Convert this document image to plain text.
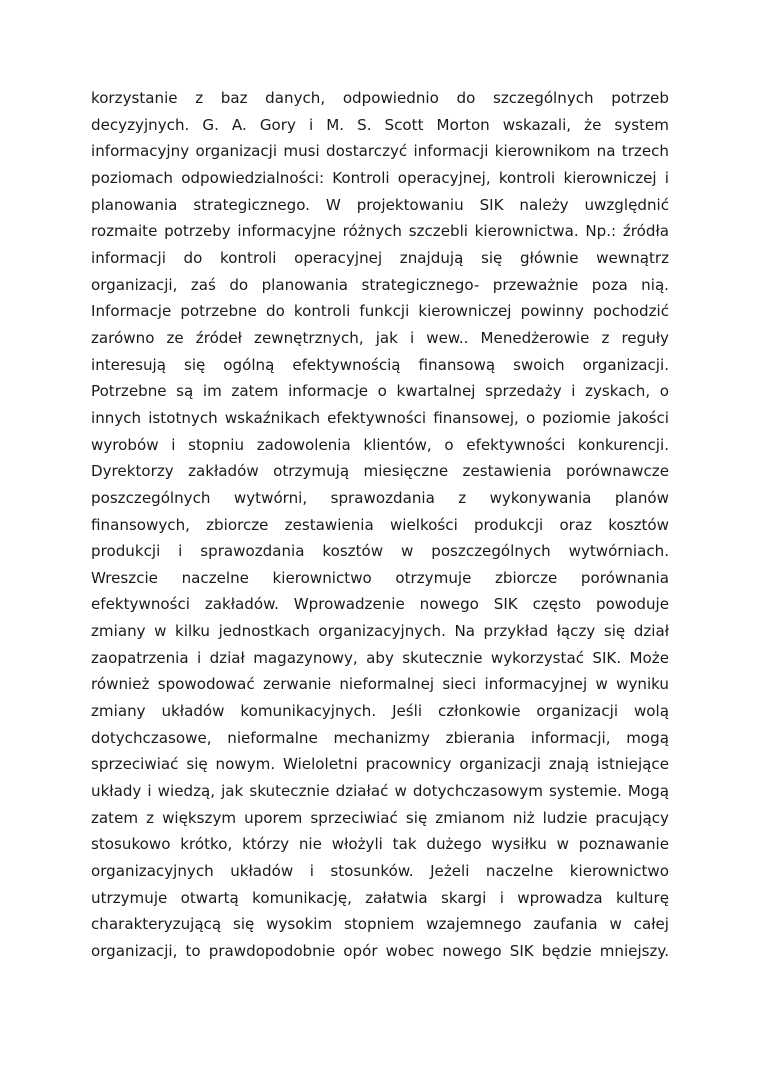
korzystanie z baz danych, odpowiednio do szczególnych potrzeb
decyzyjnych. G. A. Gory i M. S. Scott Morton wskazali, że system
informacyjny organizacji musi dostarczyć informacji kierownikom na trzech
poziomach odpowiedzialności: Kontroli operacyjnej, kontroli kierowniczej i
planowania strategicznego. W projektowaniu SIK należy uwzględnić
rozmaite potrzeby informacyjne różnych szczebli kierownictwa. Np.: źródła
informacji do kontroli operacyjnej znajdują się głównie wewnątrz
organizacji, zaś do planowania strategicznego- przeważnie poza nią.
Informacje potrzebne do kontroli funkcji kierowniczej powinny pochodzić
zarówno ze źródeł zewnętrznych, jak i wew.. Menedżerowie z reguły
interesują się ogólną efektywnością finansową swoich organizacji.
Potrzebne są im zatem informacje o kwartalnej sprzedaży i zyskach, o
innych istotnych wskaźnikach efektywności finansowej, o poziomie jakości
wyrobów i stopniu zadowolenia klientów, o efektywności konkurencji.
Dyrektorzy zakładów otrzymują miesięczne zestawienia porównawcze
poszczególnych wytwórni, sprawozdania z wykonywania planów
finansowych, zbiorcze zestawienia wielkości produkcji oraz kosztów
produkcji i sprawozdania kosztów w poszczególnych wytwórniach.
Wreszcie naczelne kierownictwo otrzymuje zbiorcze porównania
efektywności zakładów. Wprowadzenie nowego SIK często powoduje
zmiany w kilku jednostkach organizacyjnych. Na przykład łączy się dział
zaopatrzenia i dział magazynowy, aby skutecznie wykorzystać SIK. Może
również spowodować zerwanie nieformalnej sieci informacyjnej w wyniku
zmiany układów komunikacyjnych. Jeśli członkowie organizacji wolą
dotychczasowe, nieformalne mechanizmy zbierania informacji, mogą
sprzeciwiać się nowym. Wieloletni pracownicy organizacji znają istniejące
układy i wiedzą, jak skutecznie działać w dotychczasowym systemie. Mogą
zatem z większym uporem sprzeciwiać się zmianom niż ludzie pracujący
stosukowo krótko, którzy nie włożyli tak dużego wysiłku w poznawanie
organizacyjnych układów i stosunków. Jeżeli naczelne kierownictwo
utrzymuje otwartą komunikację, załatwia skargi i wprowadza kulturę
charakteryzującą się wysokim stopniem wzajemnego zaufania w całej
organizacji, to prawdopodobnie opór wobec nowego SIK będzie mniejszy.
